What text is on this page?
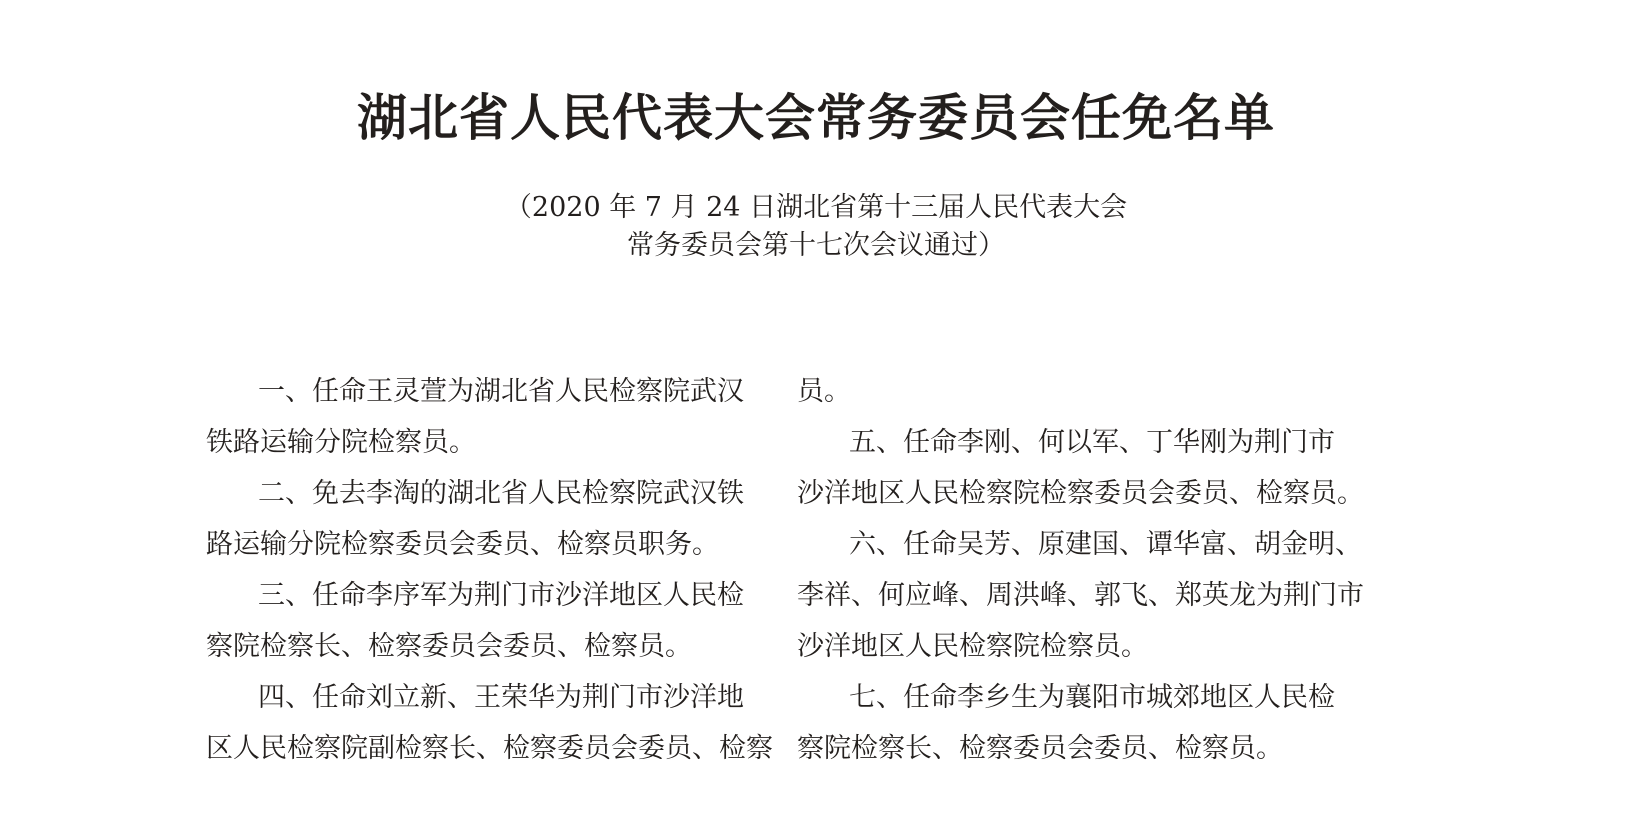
湖北省人民代表大会常务委员会任免名单
（2020 年 7 月 24 日湖北省第十三届人民代表大会
常务委员会第十七次会议通过）
一、任命王灵萱为湖北省人民检察院武汉
铁路运输分院检察员。
二、免去李淘的湖北省人民检察院武汉铁
路运输分院检察委员会委员、检察员职务。
三、任命李序军为荆门市沙洋地区人民检
察院检察长、检察委员会委员、检察员。
四、任命刘立新、王荣华为荆门市沙洋地
区人民检察院副检察长、检察委员会委员、检察
员。
五、任命李刚、何以军、丁华刚为荆门市
沙洋地区人民检察院检察委员会委员、检察员。
六、任命吴芳、原建国、谭华富、胡金明、
李祥、何应峰、周洪峰、郭飞、郑英龙为荆门市
沙洋地区人民检察院检察员。
七、任命李乡生为襄阳市城郊地区人民检
察院检察长、检察委员会委员、检察员。
